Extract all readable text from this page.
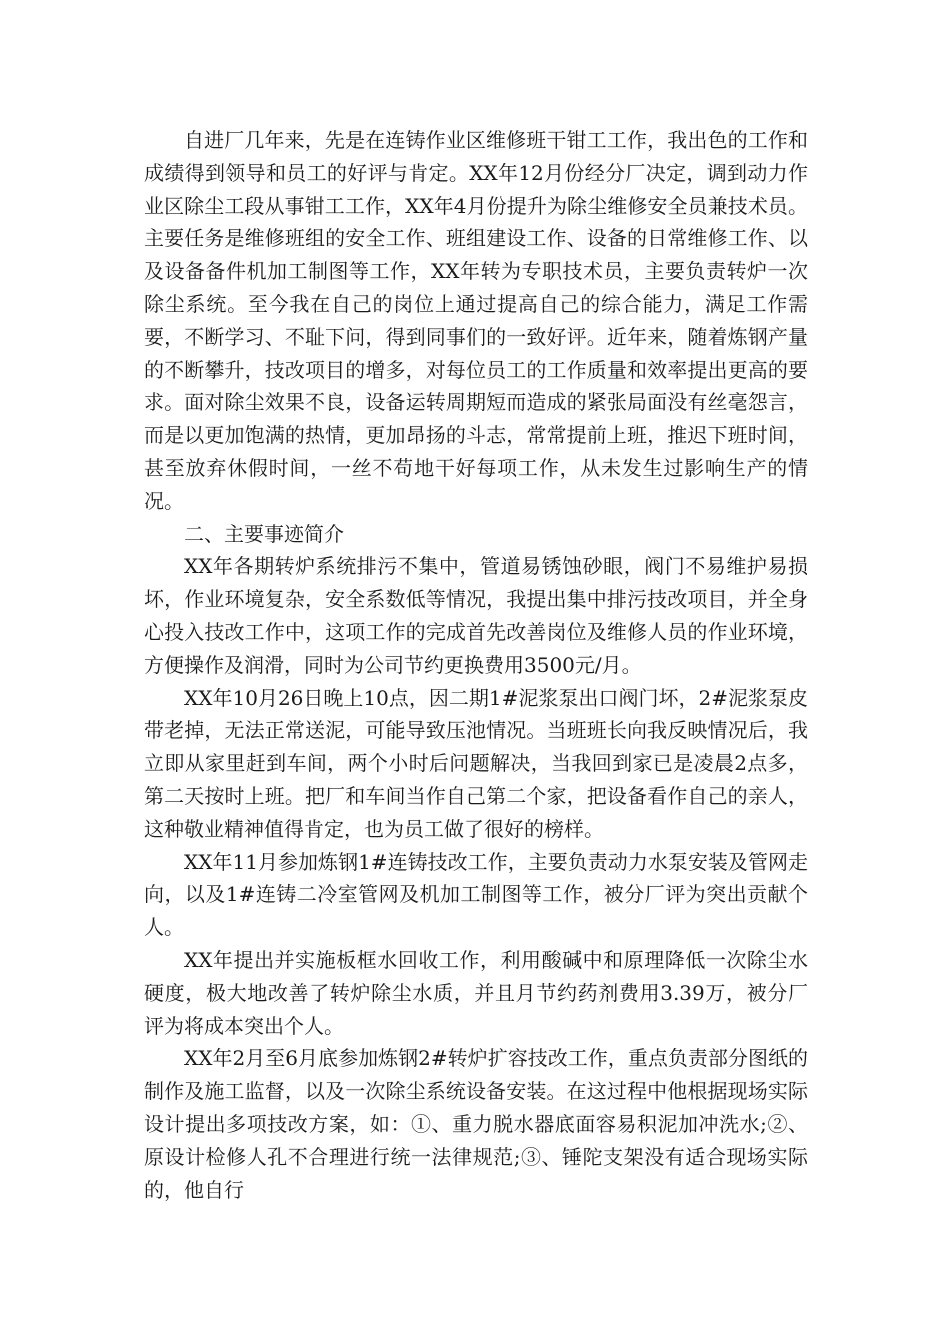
自进厂几年来，先是在连铸作业区维修班干钳工工作，我出色的工作和成绩得到领导和员工的好评与肯定。XX年12月份经分厂决定，调到动力作业区除尘工段从事钳工工作，XX年4月份提升为除尘维修安全员兼技术员。主要任务是维修班组的安全工作、班组建设工作、设备的日常维修工作、以及设备备件机加工制图等工作，XX年转为专职技术员，主要负责转炉一次除尘系统。至今我在自己的岗位上通过提高自己的综合能力，满足工作需要，不断学习、不耻下问，得到同事们的一致好评。近年来，随着炼钢产量的不断攀升，技改项目的增多，对每位员工的工作质量和效率提出更高的要求。面对除尘效果不良，设备运转周期短而造成的紧张局面没有丝毫怨言，而是以更加饱满的热情，更加昂扬的斗志，常常提前上班，推迟下班时间，甚至放弃休假时间，一丝不苟地干好每项工作，从未发生过影响生产的情况。

二、主要事迹简介

XX年各期转炉系统排污不集中，管道易锈蚀砂眼，阀门不易维护易损坏，作业环境复杂，安全系数低等情况，我提出集中排污技改项目，并全身心投入技改工作中，这项工作的完成首先改善岗位及维修人员的作业环境，方便操作及润滑，同时为公司节约更换费用3500元/月。

XX年10月26日晚上10点，因二期1#泥浆泵出口阀门坏，2#泥浆泵皮带老掉，无法正常送泥，可能导致压池情况。当班班长向我反映情况后，我立即从家里赶到车间，两个小时后问题解决，当我回到家已是凌晨2点多，第二天按时上班。把厂和车间当作自己第二个家，把设备看作自己的亲人，这种敬业精神值得肯定，也为员工做了很好的榜样。

XX年11月参加炼钢1#连铸技改工作，主要负责动力水泵安装及管网走向，以及1#连铸二冷室管网及机加工制图等工作，被分厂评为突出贡献个人。

XX年提出并实施板框水回收工作，利用酸碱中和原理降低一次除尘水硬度，极大地改善了转炉除尘水质，并且月节约药剂费用3.39万，被分厂评为将成本突出个人。

XX年2月至6月底参加炼钢2#转炉扩容技改工作，重点负责部分图纸的制作及施工监督，以及一次除尘系统设备安装。在这过程中他根据现场实际设计提出多项技改方案，如：①、重力脱水器底面容易积泥加冲洗水;②、原设计检修人孔不合理进行统一法律规范;③、锤陀支架没有适合现场实际的，他自行
